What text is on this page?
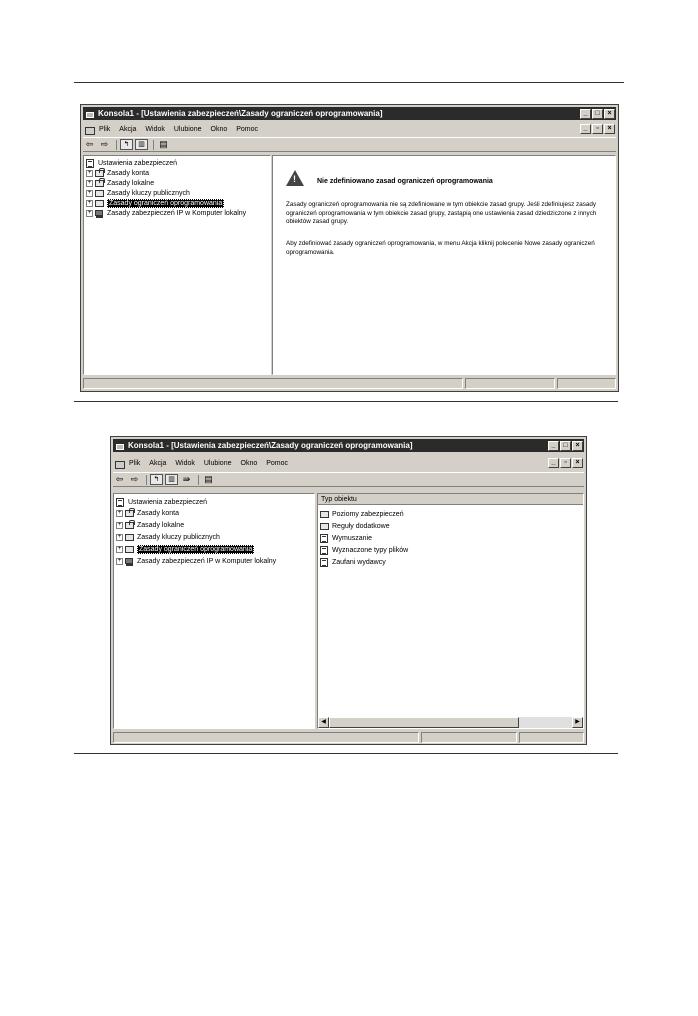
Konsola1 - [Ustawienia zabezpieczeń\Zasady ograniczeń oprogramowania]	_	□	×
Plik Akcja Widok Ulubione Okno Pomoc	_	▫	×
⇦ ⇨	↰	▥	▤
Ustawienia zabezpieczeń
+ Zasady konta
+ Zasady lokalne
+ Zasady kluczy publicznych
+	Zasady ograniczeń oprogramowania
+ Zasady zabezpieczeń IP w Komputer lokalny
!
Nie zdefiniowano zasad ograniczeń oprogramowania
Zasady ograniczeń oprogramowania nie są zdefiniowane w tym obiekcie zasad grupy. Jeśli zdefiniujesz zasady ograniczeń oprogramowania w tym obiekcie zasad grupy, zastąpią one ustawienia zasad dziedziczone z innych obiektów zasad grupy.
Aby zdefiniować zasady ograniczeń oprogramowania, w menu Akcja kliknij polecenie Nowe zasady ograniczeń oprogramowania.
Konsola1 - [Ustawienia zabezpieczeń\Zasady ograniczeń oprogramowania]	_	□	×
Plik Akcja Widok Ulubione Okno Pomoc	_	▫	×
⇦ ⇨	↰	▥ ⇛	▤
Ustawienia zabezpieczeń
+ Zasady konta
+ Zasady lokalne
+ Zasady kluczy publicznych
+	Zasady ograniczeń oprogramowania
+ Zasady zabezpieczeń IP w Komputer lokalny
Typ obiektu
Poziomy zabezpieczeń
Reguły dodatkowe
Wymuszanie
Wyznaczone typy plików
Zaufani wydawcy
◀	▶
